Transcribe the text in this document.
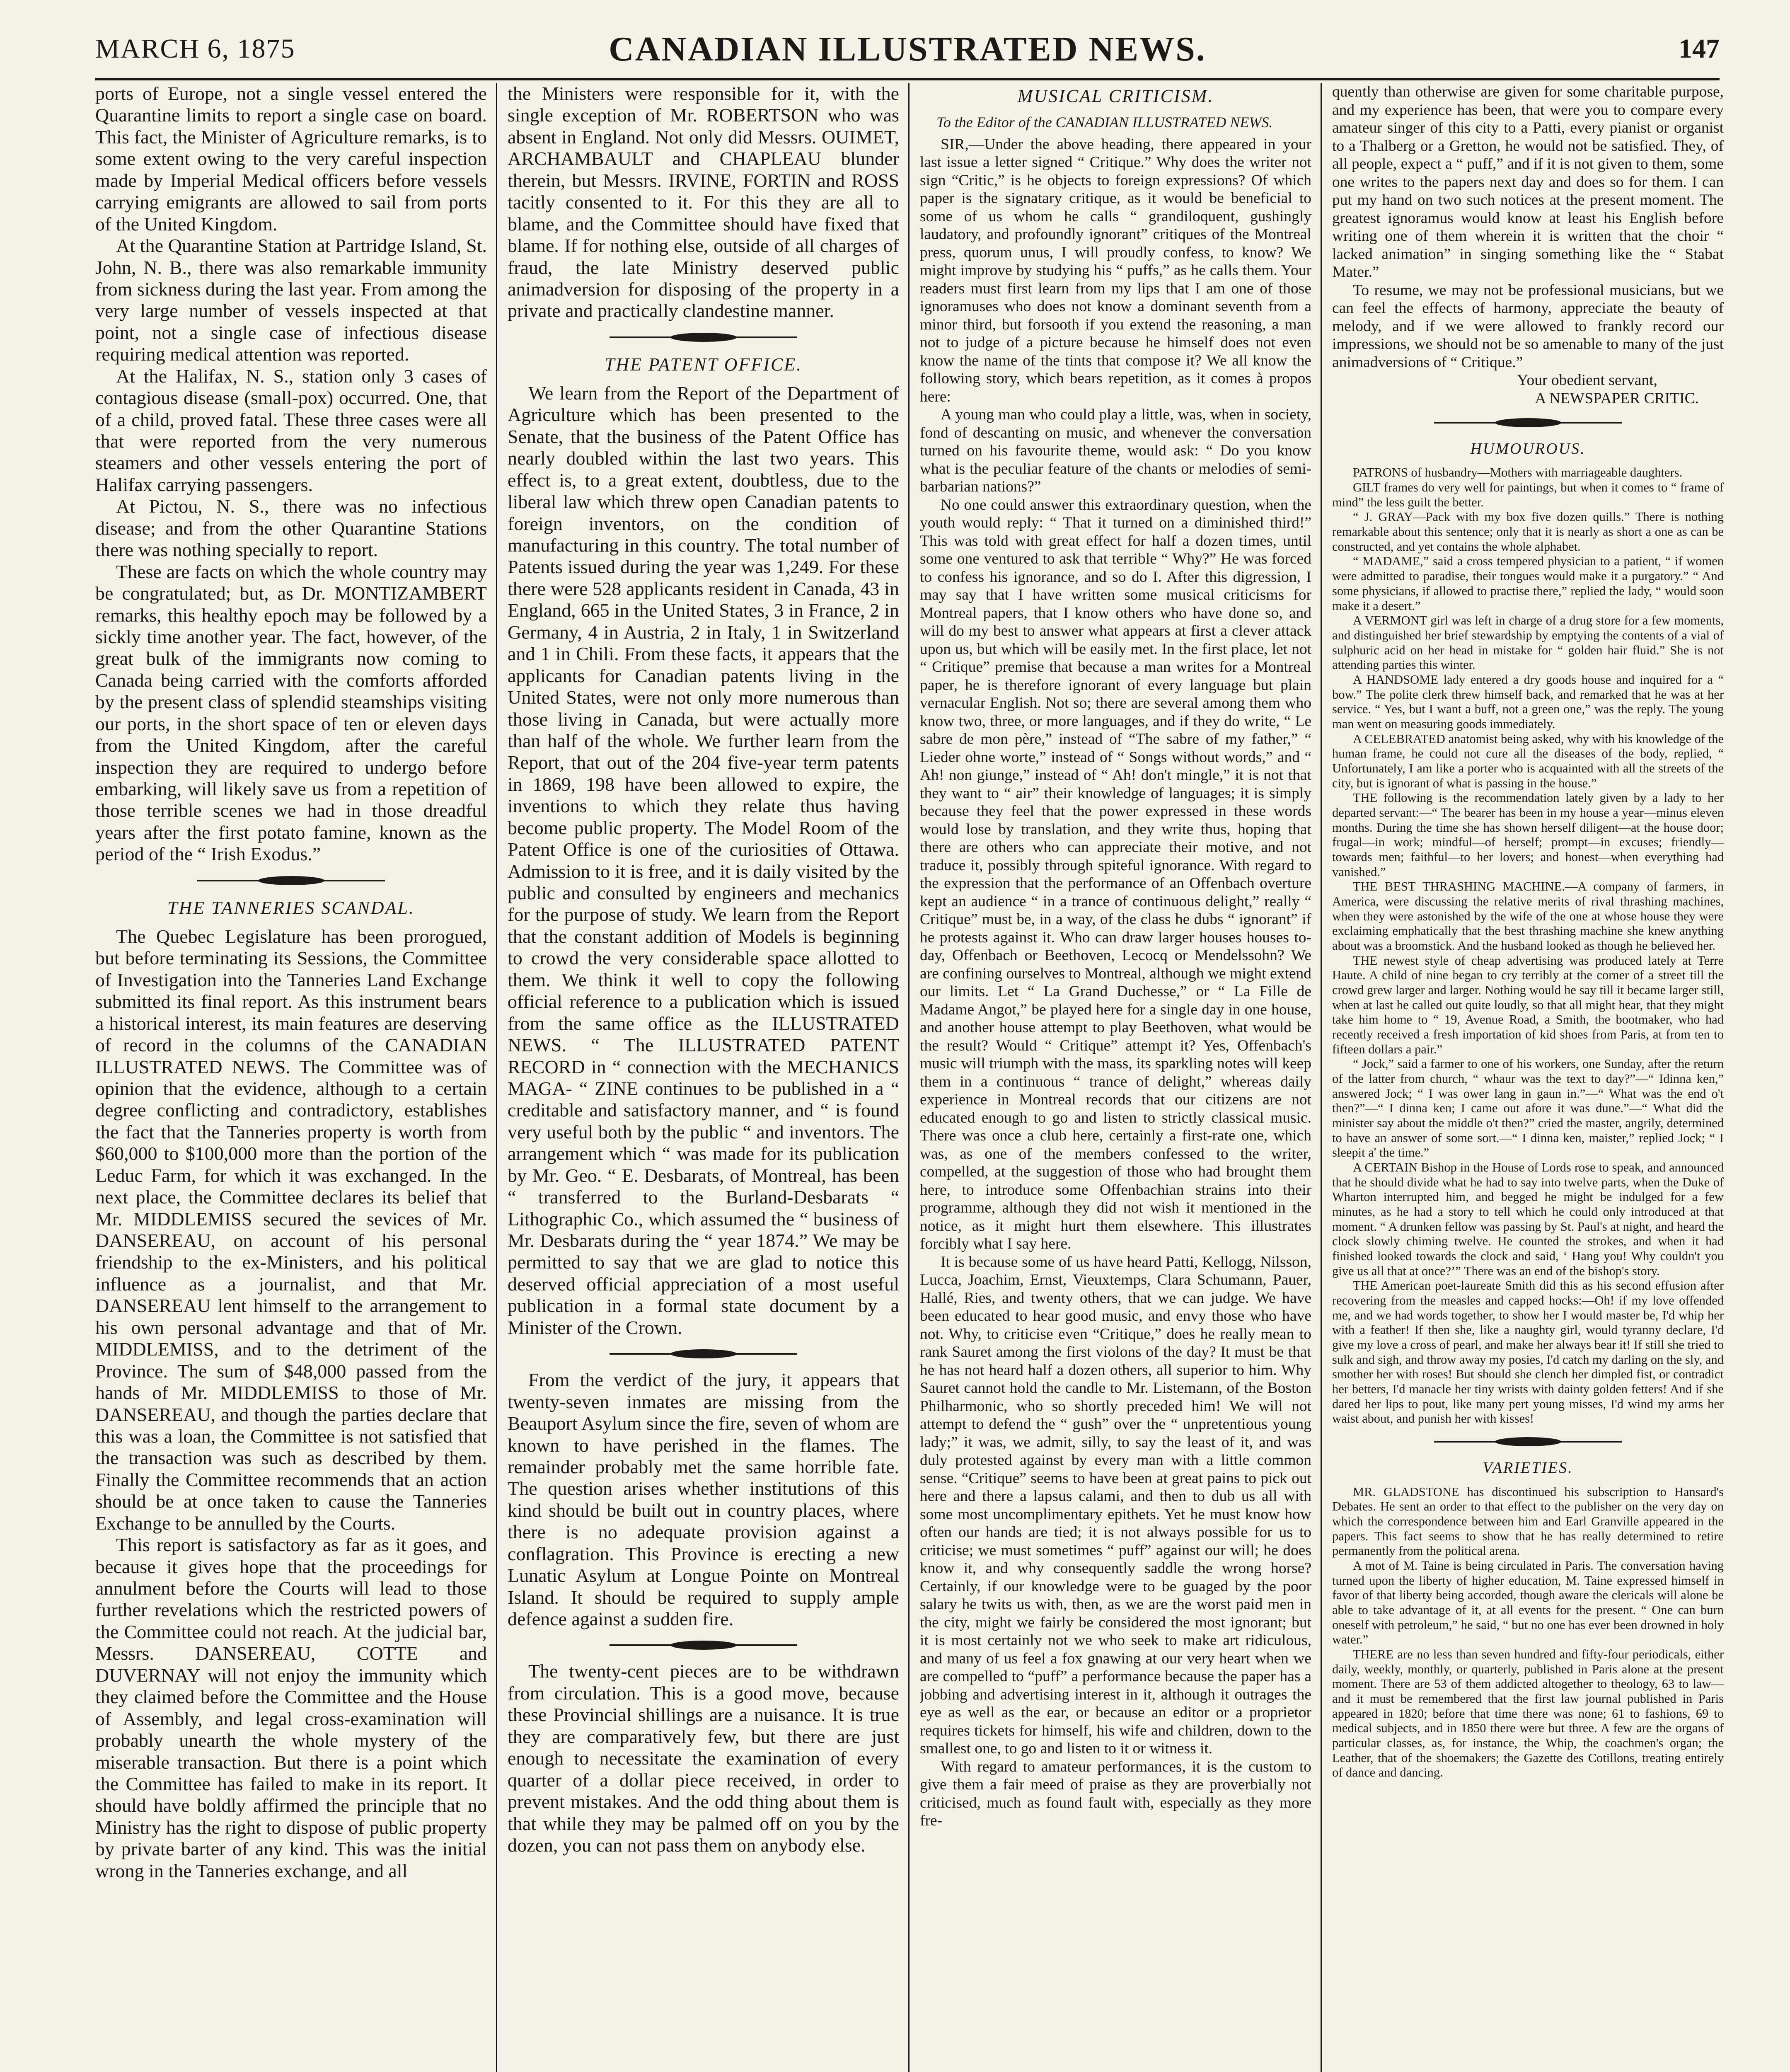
MARCH 6, 1875	CANADIAN ILLUSTRATED NEWS.	147

ports of Europe, not a single vessel entered the Quarantine limits to report a single case on board. This fact, the Minister of Agriculture remarks, is to some extent owing to the very careful inspection made by Imperial Medical officers before vessels carrying emigrants are allowed to sail from ports of the United Kingdom.

At the Quarantine Station at Partridge Island, St. John, N. B., there was also remarkable immunity from sickness during the last year. From among the very large number of vessels inspected at that point, not a single case of infectious disease requiring medical attention was reported.

At the Halifax, N. S., station only 3 cases of contagious disease (small-pox) occurred. One, that of a child, proved fatal. These three cases were all that were reported from the very numerous steamers and other vessels entering the port of Halifax carrying passengers.

At Pictou, N. S., there was no infectious disease; and from the other Quarantine Stations there was nothing specially to report.

These are facts on which the whole country may be congratulated; but, as Dr. MONTIZAMBERT remarks, this healthy epoch may be followed by a sickly time another year. The fact, however, of the great bulk of the immigrants now coming to Canada being carried with the comforts afforded by the present class of splendid steamships visiting our ports, in the short space of ten or eleven days from the United Kingdom, after the careful inspection they are required to undergo before embarking, will likely save us from a repetition of those terrible scenes we had in those dreadful years after the first potato famine, known as the period of the “ Irish Exodus.”

THE TANNERIES SCANDAL.

The Quebec Legislature has been prorogued, but before terminating its Sessions, the Committee of Investigation into the Tanneries Land Exchange submitted its final report. As this instrument bears a historical interest, its main features are deserving of record in the columns of the CANADIAN ILLUSTRATED NEWS. The Committee was of opinion that the evidence, although to a certain degree conflicting and contradictory, establishes the fact that the Tanneries property is worth from $60,000 to $100,000 more than the portion of the Leduc Farm, for which it was exchanged. In the next place, the Committee declares its belief that Mr. MIDDLEMISS secured the sevices of Mr. DANSEREAU, on account of his personal friendship to the ex-Ministers, and his political influence as a journalist, and that Mr. DANSEREAU lent himself to the arrangement to his own personal advantage and that of Mr. MIDDLEMISS, and to the detriment of the Province. The sum of $48,000 passed from the hands of Mr. MIDDLEMISS to those of Mr. DANSEREAU, and though the parties declare that this was a loan, the Committee is not satisfied that the transaction was such as described by them. Finally the Committee recommends that an action should be at once taken to cause the Tanneries Exchange to be annulled by the Courts.

This report is satisfactory as far as it goes, and because it gives hope that the proceedings for annulment before the Courts will lead to those further revelations which the restricted powers of the Committee could not reach. At the judicial bar, Messrs. DANSEREAU, COTTE and DUVERNAY will not enjoy the immunity which they claimed before the Committee and the House of Assembly, and legal cross-examination will probably unearth the whole mystery of the miserable transaction. But there is a point which the Committee has failed to make in its report. It should have boldly affirmed the principle that no Ministry has the right to dispose of public property by private barter of any kind. This was the initial wrong in the Tanneries exchange, and all

the Ministers were responsible for it, with the single exception of Mr. ROBERTSON who was absent in England. Not only did Messrs. OUIMET, ARCHAMBAULT and CHAPLEAU blunder therein, but Messrs. IRVINE, FORTIN and ROSS tacitly consented to it. For this they are all to blame, and the Committee should have fixed that blame. If for nothing else, outside of all charges of fraud, the late Ministry deserved public animadversion for disposing of the property in a private and practically clandestine manner.

THE PATENT OFFICE.

We learn from the Report of the Department of Agriculture which has been presented to the Senate, that the business of the Patent Office has nearly doubled within the last two years. This effect is, to a great extent, doubtless, due to the liberal law which threw open Canadian patents to foreign inventors, on the condition of manufacturing in this country. The total number of Patents issued during the year was 1,249. For these there were 528 applicants resident in Canada, 43 in England, 665 in the United States, 3 in France, 2 in Germany, 4 in Austria, 2 in Italy, 1 in Switzerland and 1 in Chili. From these facts, it appears that the applicants for Canadian patents living in the United States, were not only more numerous than those living in Canada, but were actually more than half of the whole. We further learn from the Report, that out of the 204 five-year term patents in 1869, 198 have been allowed to expire, the inventions to which they relate thus having become public property. The Model Room of the Patent Office is one of the curiosities of Ottawa. Admission to it is free, and it is daily visited by the public and consulted by engineers and mechanics for the purpose of study. We learn from the Report that the constant addition of Models is beginning to crowd the very considerable space allotted to them. We think it well to copy the following official reference to a publication which is issued from the same office as the ILLUSTRATED NEWS. “ The ILLUSTRATED PATENT RECORD in “ connection with the MECHANICS MAGA- “ ZINE continues to be published in a “ creditable and satisfactory manner, and “ is found very useful both by the public “ and inventors. The arrangement which “ was made for its publication by Mr. Geo. “ E. Desbarats, of Montreal, has been “ transferred to the Burland-Desbarats “ Lithographic Co., which assumed the “ business of Mr. Desbarats during the “ year 1874.” We may be permitted to say that we are glad to notice this deserved official appreciation of a most useful publication in a formal state document by a Minister of the Crown.

From the verdict of the jury, it appears that twenty-seven inmates are missing from the Beauport Asylum since the fire, seven of whom are known to have perished in the flames. The remainder probably met the same horrible fate. The question arises whether institutions of this kind should be built out in country places, where there is no adequate provision against a conflagration. This Province is erecting a new Lunatic Asylum at Longue Pointe on Montreal Island. It should be required to supply ample defence against a sudden fire.

The twenty-cent pieces are to be withdrawn from circulation. This is a good move, because these Provincial shillings are a nuisance. It is true they are comparatively few, but there are just enough to necessitate the examination of every quarter of a dollar piece received, in order to prevent mistakes. And the odd thing about them is that while they may be palmed off on you by the dozen, you can not pass them on anybody else.

MUSICAL CRITICISM.

To the Editor of the CANADIAN ILLUSTRATED NEWS.

SIR,—Under the above heading, there appeared in your last issue a letter signed “ Critique.” Why does the writer not sign “Critic,” is he objects to foreign expressions? Of which paper is the signatary critique, as it would be beneficial to some of us whom he calls “ grandiloquent, gushingly laudatory, and profoundly ignorant” critiques of the Montreal press, quorum unus, I will proudly confess, to know? We might improve by studying his “ puffs,” as he calls them. Your readers must first learn from my lips that I am one of those ignoramuses who does not know a dominant seventh from a minor third, but forsooth if you extend the reasoning, a man not to judge of a picture because he himself does not even know the name of the tints that compose it? We all know the following story, which bears repetition, as it comes à propos here:

A young man who could play a little, was, when in society, fond of descanting on music, and whenever the conversation turned on his favourite theme, would ask: “ Do you know what is the peculiar feature of the chants or melodies of semi-barbarian nations?”

No one could answer this extraordinary question, when the youth would reply: “ That it turned on a diminished third!” This was told with great effect for half a dozen times, until some one ventured to ask that terrible “ Why?” He was forced to confess his ignorance, and so do I. After this digression, I may say that I have written some musical criticisms for Montreal papers, that I know others who have done so, and will do my best to answer what appears at first a clever attack upon us, but which will be easily met. In the first place, let not “ Critique” premise that because a man writes for a Montreal paper, he is therefore ignorant of every language but plain vernacular English. Not so; there are several among them who know two, three, or more languages, and if they do write, “ Le sabre de mon père,” instead of “The sabre of my father,” “ Lieder ohne worte,” instead of “ Songs without words,” and “ Ah! non giunge,” instead of “ Ah! don't mingle,” it is not that they want to “ air” their knowledge of languages; it is simply because they feel that the power expressed in these words would lose by translation, and they write thus, hoping that there are others who can appreciate their motive, and not traduce it, possibly through spiteful ignorance. With regard to the expression that the performance of an Offenbach overture kept an audience “ in a trance of continuous delight,” really “ Critique” must be, in a way, of the class he dubs “ ignorant” if he protests against it. Who can draw larger houses houses to-day, Offenbach or Beethoven, Lecocq or Mendelssohn? We are confining ourselves to Montreal, although we might extend our limits. Let “ La Grand Duchesse,” or “ La Fille de Madame Angot,” be played here for a single day in one house, and another house attempt to play Beethoven, what would be the result? Would “ Critique” attempt it? Yes, Offenbach's music will triumph with the mass, its sparkling notes will keep them in a continuous “ trance of delight,” whereas daily experience in Montreal records that our citizens are not educated enough to go and listen to strictly classical music. There was once a club here, certainly a first-rate one, which was, as one of the members confessed to the writer, compelled, at the suggestion of those who had brought them here, to introduce some Offenbachian strains into their programme, although they did not wish it mentioned in the notice, as it might hurt them elsewhere. This illustrates forcibly what I say here.

It is because some of us have heard Patti, Kellogg, Nilsson, Lucca, Joachim, Ernst, Vieuxtemps, Clara Schumann, Pauer, Hallé, Ries, and twenty others, that we can judge. We have been educated to hear good music, and envy those who have not. Why, to criticise even “Critique,” does he really mean to rank Sauret among the first violons of the day? It must be that he has not heard half a dozen others, all superior to him. Why Sauret cannot hold the candle to Mr. Listemann, of the Boston Philharmonic, who so shortly preceded him! We will not attempt to defend the “ gush” over the “ unpretentious young lady;” it was, we admit, silly, to say the least of it, and was duly protested against by every man with a little common sense. “Critique” seems to have been at great pains to pick out here and there a lapsus calami, and then to dub us all with some most uncomplimentary epithets. Yet he must know how often our hands are tied; it is not always possible for us to criticise; we must sometimes “ puff” against our will; he does know it, and why consequently saddle the wrong horse? Certainly, if our knowledge were to be guaged by the poor salary he twits us with, then, as we are the worst paid men in the city, might we fairly be considered the most ignorant; but it is most certainly not we who seek to make art ridiculous, and many of us feel a fox gnawing at our very heart when we are compelled to “puff” a performance because the paper has a jobbing and advertising interest in it, although it outrages the eye as well as the ear, or because an editor or a proprietor requires tickets for himself, his wife and children, down to the smallest one, to go and listen to it or witness it.

With regard to amateur performances, it is the custom to give them a fair meed of praise as they are proverbially not criticised, much as found fault with, especially as they more fre-

quently than otherwise are given for some charitable purpose, and my experience has been, that were you to compare every amateur singer of this city to a Patti, every pianist or organist to a Thalberg or a Gretton, he would not be satisfied. They, of all people, expect a “ puff,” and if it is not given to them, some one writes to the papers next day and does so for them. I can put my hand on two such notices at the present moment. The greatest ignoramus would know at least his English before writing one of them wherein it is written that the choir “ lacked animation” in singing something like the “ Stabat Mater.”

To resume, we may not be professional musicians, but we can feel the effects of harmony, appreciate the beauty of melody, and if we were allowed to frankly record our impressions, we should not be so amenable to many of the just animadversions of “ Critique.”

Your obedient servant,

A NEWSPAPER CRITIC.

HUMOUROUS.

PATRONS of husbandry—Mothers with marriageable daughters.

GILT frames do very well for paintings, but when it comes to “ frame of mind” the less guilt the better.

“ J. GRAY—Pack with my box five dozen quills.” There is nothing remarkable about this sentence; only that it is nearly as short a one as can be constructed, and yet contains the whole alphabet.

“ MADAME,” said a cross tempered physician to a patient, “ if women were admitted to paradise, their tongues would make it a purgatory.” “ And some physicians, if allowed to practise there,” replied the lady, “ would soon make it a desert.”

A VERMONT girl was left in charge of a drug store for a few moments, and distinguished her brief stewardship by emptying the contents of a vial of sulphuric acid on her head in mistake for “ golden hair fluid.” She is not attending parties this winter.

A HANDSOME lady entered a dry goods house and inquired for a “ bow.” The polite clerk threw himself back, and remarked that he was at her service. “ Yes, but I want a buff, not a green one,” was the reply. The young man went on measuring goods immediately.

A CELEBRATED anatomist being asked, why with his knowledge of the human frame, he could not cure all the diseases of the body, replied, “ Unfortunately, I am like a porter who is acquainted with all the streets of the city, but is ignorant of what is passing in the house.”

THE following is the recommendation lately given by a lady to her departed servant:—“ The bearer has been in my house a year—minus eleven months. During the time she has shown herself diligent—at the house door; frugal—in work; mindful—of herself; prompt—in excuses; friendly—towards men; faithful—to her lovers; and honest—when everything had vanished.”

THE BEST THRASHING MACHINE.—A company of farmers, in America, were discussing the relative merits of rival thrashing machines, when they were astonished by the wife of the one at whose house they were exclaiming emphatically that the best thrashing machine she knew anything about was a broomstick. And the husband looked as though he believed her.

THE newest style of cheap advertising was produced lately at Terre Haute. A child of nine began to cry terribly at the corner of a street till the crowd grew larger and larger. Nothing would he say till it became larger still, when at last he called out quite loudly, so that all might hear, that they might take him home to “ 19, Avenue Road, a Smith, the bootmaker, who had recently received a fresh importation of kid shoes from Paris, at from ten to fifteen dollars a pair.”

“ Jock,” said a farmer to one of his workers, one Sunday, after the return of the latter from church, “ whaur was the text to day?”—“ Idinna ken,” answered Jock; “ I was ower lang in gaun in.”—“ What was the end o't then?”—“ I dinna ken; I came out afore it was dune.”—“ What did the minister say about the middle o't then?” cried the master, angrily, determined to have an answer of some sort.—“ I dinna ken, maister,” replied Jock; “ I sleepit a' the time.”

A CERTAIN Bishop in the House of Lords rose to speak, and announced that he should divide what he had to say into twelve parts, when the Duke of Wharton interrupted him, and begged he might be indulged for a few minutes, as he had a story to tell which he could only introduced at that moment. “ A drunken fellow was passing by St. Paul's at night, and heard the clock slowly chiming twelve. He counted the strokes, and when it had finished looked towards the clock and said, ‘ Hang you! Why couldn't you give us all that at once?’” There was an end of the bishop's story.

THE American poet-laureate Smith did this as his second effusion after recovering from the measles and capped hocks:—Oh! if my love offended me, and we had words together, to show her I would master be, I'd whip her with a feather! If then she, like a naughty girl, would tyranny declare, I'd give my love a cross of pearl, and make her always bear it! If still she tried to sulk and sigh, and throw away my posies, I'd catch my darling on the sly, and smother her with roses! But should she clench her dimpled fist, or contradict her betters, I'd manacle her tiny wrists with dainty golden fetters! And if she dared her lips to pout, like many pert young misses, I'd wind my arms her waist about, and punish her with kisses!

VARIETIES.

MR. GLADSTONE has discontinued his subscription to Hansard's Debates. He sent an order to that effect to the publisher on the very day on which the correspondence between him and Earl Granville appeared in the papers. This fact seems to show that he has really determined to retire permanently from the political arena.

A mot of M. Taine is being circulated in Paris. The conversation having turned upon the liberty of higher education, M. Taine expressed himself in favor of that liberty being accorded, though aware the clericals will alone be able to take advantage of it, at all events for the present. “ One can burn oneself with petroleum,” he said, “ but no one has ever been drowned in holy water.”

THERE are no less than seven hundred and fifty-four periodicals, either daily, weekly, monthly, or quarterly, published in Paris alone at the present moment. There are 53 of them addicted altogether to theology, 63 to law—and it must be remembered that the first law journal published in Paris appeared in 1820; before that time there was none; 61 to fashions, 69 to medical subjects, and in 1850 there were but three. A few are the organs of particular classes, as, for instance, the Whip, the coachmen's organ; the Leather, that of the shoemakers; the Gazette des Cotillons, treating entirely of dance and dancing.
